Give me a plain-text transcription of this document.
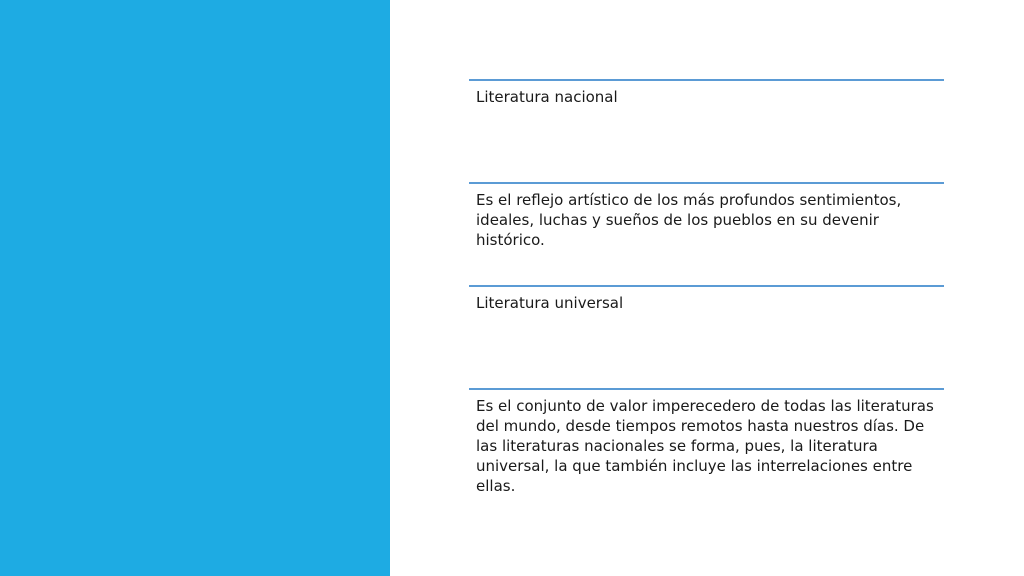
Literatura nacional
Es el reflejo artístico de los más profundos sentimientos, ideales, luchas y sueños de los pueblos en su devenir histórico.
Literatura universal
Es el conjunto de valor imperecedero de todas las literaturas del mundo, desde tiempos remotos hasta nuestros días. De las literaturas nacionales se forma, pues, la literatura universal, la que también incluye las interrelaciones entre ellas.
